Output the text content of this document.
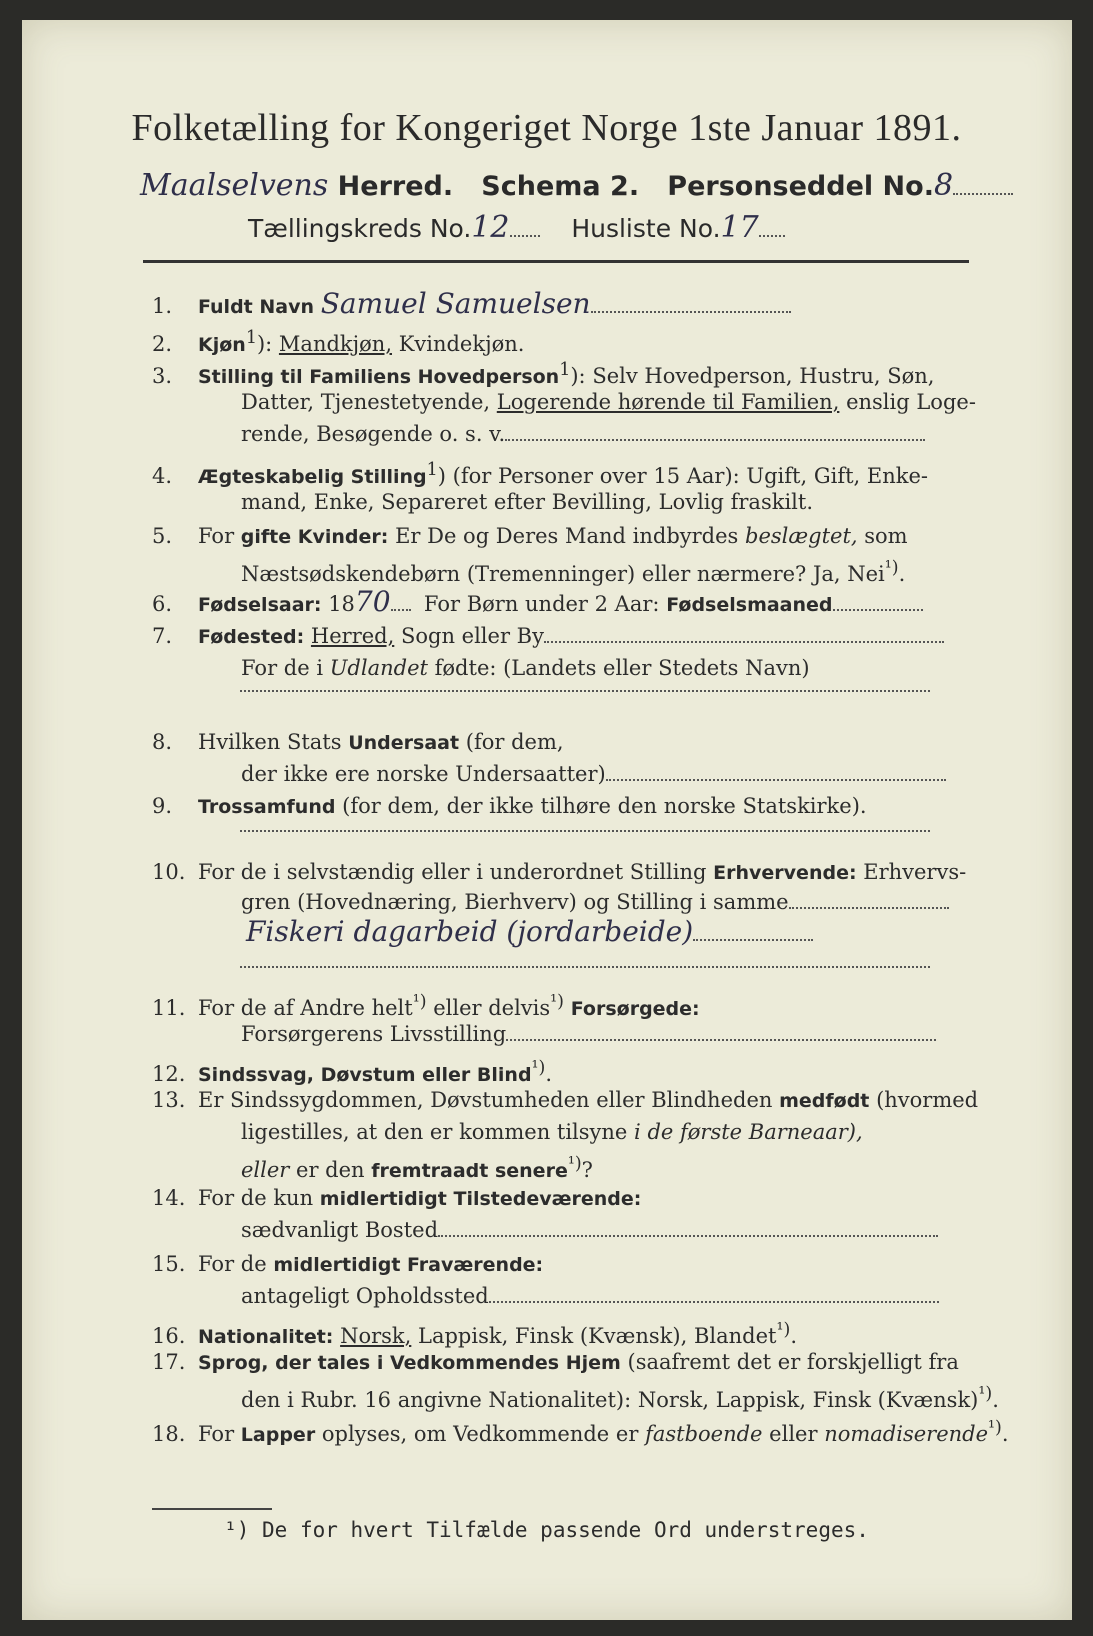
Folketælling for Kongeriget Norge 1ste Januar 1891.
Maalselvens Herred. Schema 2. Personseddel No.8
Tællingskreds No.12 Husliste No.17
1. Fuldt Navn Samuel Samuelsen
2. Kjøn$^1$): Mandkjøn, Kvindekjøn.
3. Stilling til Familiens Hovedperson$^1$): Selv Hovedperson, Hustru, Søn,
Datter, Tjenestetyende, Logerende hørende til Familien, enslig Loge-
rende, Besøgende o. s. v.
4. Ægteskabelig Stilling$^1$) (for Personer over 15 Aar): Ugift, Gift, Enke-
mand, Enke, Separeret efter Bevilling, Lovlig fraskilt.
5. For gifte Kvinder: Er De og Deres Mand indbyrdes beslægtet, som
Næstsødskendebørn (Tremenninger) eller nærmere? Ja, Nei$^{^1)}$.
6. Fødselsaar: 1870 For Børn under 2 Aar: Fødselsmaaned
7. Fødested: Herred, Sogn eller By
For de i Udlandet fødte: (Landets eller Stedets Navn)
8. Hvilken Stats Undersaat (for dem,
der ikke ere norske Undersaatter)
9. Trossamfund (for dem, der ikke tilhøre den norske Statskirke).
10. For de i selvstændig eller i underordnet Stilling Erhvervende: Erhvervs-
gren (Hovednæring, Bierhverv) og Stilling i samme
Fiskeri dagarbeid (jordarbeide)
11. For de af Andre helt$^{^1)}$ eller delvis$^{^1)}$ Forsørgede:
Forsørgerens Livsstilling
12. Sindssvag, Døvstum eller Blind$^{^1)}$.
13. Er Sindssygdommen, Døvstumheden eller Blindheden medfødt (hvormed
ligestilles, at den er kommen tilsyne i de første Barneaar),
eller er den fremtraadt senere$^{^1)}$?
14. For de kun midlertidigt Tilstedeværende:
sædvanligt Bosted
15. For de midlertidigt Fraværende:
antageligt Opholdssted
16. Nationalitet: Norsk, Lappisk, Finsk (Kvænsk), Blandet$^{^1)}$.
17. Sprog, der tales i Vedkommendes Hjem (saafremt det er forskjelligt fra
den i Rubr. 16 angivne Nationalitet): Norsk, Lappisk, Finsk (Kvænsk)$^{^1)}$.
18. For Lapper oplyses, om Vedkommende er fastboende eller nomadiserende$^{^1)}$
¹) De for hvert Tilfælde passende Ord understreges.
